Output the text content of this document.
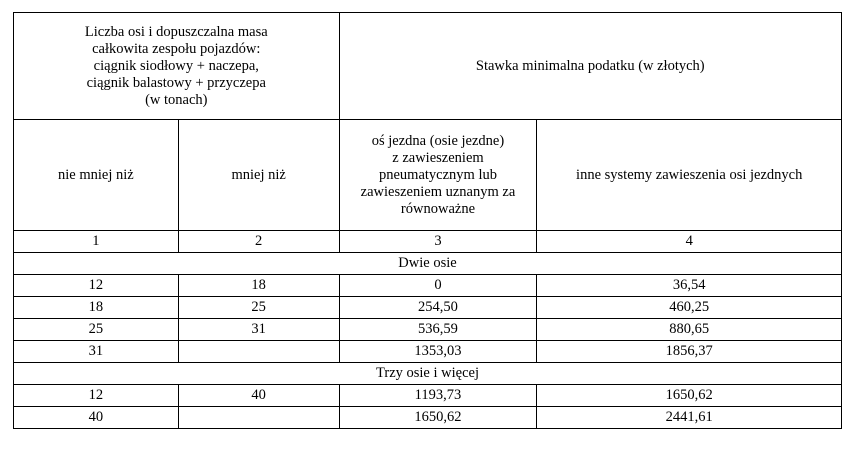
Liczba osi i dopuszczalna masa
całkowita zespołu pojazdów:
ciągnik siodłowy + naczepa,
ciągnik balastowy + przyczepa
(w tonach)		Stawka minimalna podatku (w złotych)	
nie mniej niż	mniej niż	oś jezdna (osie jezdne)
z zawieszeniem
pneumatycznym lub
zawieszeniem uznanym za
równoważne	inne systemy zawieszenia osi jezdnych
1	2	3	4
Dwie osie			
12	18	0	36,54
18	25	254,50	460,25
25	31	536,59	880,65
31		1353,03	1856,37
Trzy osie i więcej			
12	40	1193,73	1650,62
40		1650,62	2441,61
